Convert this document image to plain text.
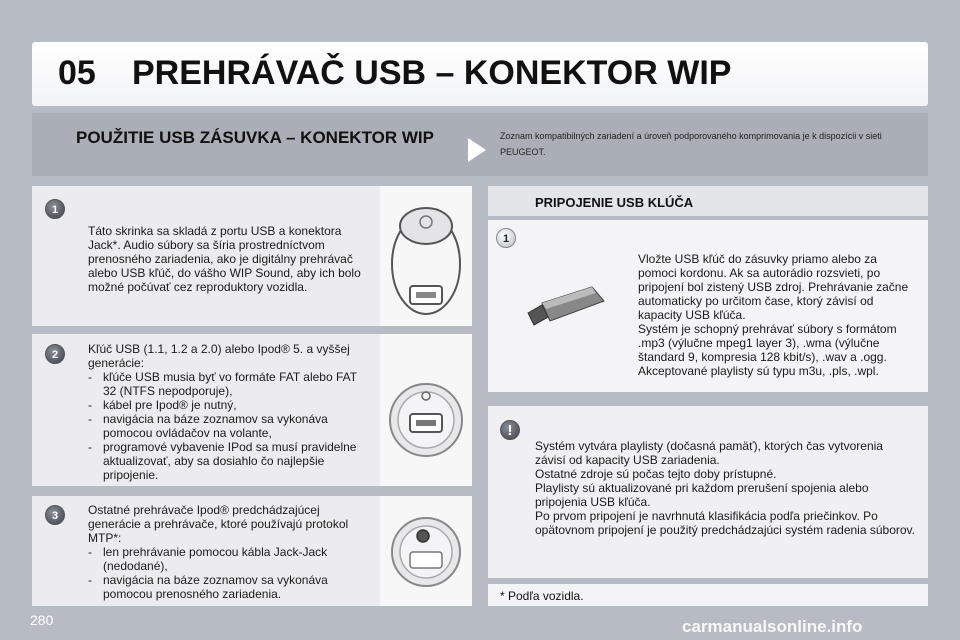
05 PREHRÁVAČ USB – KONEKTOR WIP
POUŽITIE USB ZÁSUVKA – KONEKTOR WIP	Zoznam kompatibilných zariadení a úroveň podporovaného komprimovania je k dispozícii v sieti PEUGEOT.
1
Táto skrinka sa skladá z portu USB a konektora Jack*. Audio súbory sa šíria prostredníctvom prenosného zariadenia, ako je digitálny prehrávač alebo USB kľúč, do vášho WIP Sound, aby ich bolo možné počúvať cez reproduktory vozidla.
2	Kľúč USB (1.1, 1.2 a 2.0) alebo Ipod® 5. a vyššej generácie:

- kľúče USB musia byť vo formáte FAT alebo FAT 32 (NTFS nepodporuje),
- kábel pre Ipod® je nutný,
- navigácia na báze zoznamov sa vykonáva pomocou ovládačov na volante,
- programové vybavenie IPod sa musí pravidelne aktualizovať, aby sa dosiahlo čo najlepšie pripojenie.
3	Ostatné prehrávače Ipod® predchádzajúcej generácie a prehrávače, ktoré používajú protokol MTP*:

- len prehrávanie pomocou kábla Jack-Jack (nedodané),
- navigácia na báze zoznamov sa vykonáva pomocou prenosného zariadenia.
PRIPOJENIE USB KLÚČA
1

Vložte USB kľúč do zásuvky priamo alebo za pomoci kordonu. Ak sa autorádio rozsvieti, po pripojení bol zistený USB zdroj. Prehrávanie začne automaticky po určitom čase, ktorý závisí od kapacity USB kľúča.

Systém je schopný prehrávať súbory s formátom .mp3 (výlučne mpeg1 layer 3), .wma (výlučne štandard 9, kompresia 128 kbit/s), .wav a .ogg.

Akceptované playlisty sú typu m3u, .pls, .wpl.

!

Systém vytvára playlisty (dočasná pamäť), ktorých čas vytvorenia závisí od kapacity USB zariadenia.

Ostatné zdroje sú počas tejto doby prístupné.

Playlisty sú aktualizované pri každom prerušení spojenia alebo pripojenia USB kľúča.

Po prvom pripojení je navrhnutá klasifikácia podľa priečinkov. Po opätovnom pripojení je použitý predchádzajúci systém radenia súborov.

* Podľa vozidla.
280	carmanualsonline.info
